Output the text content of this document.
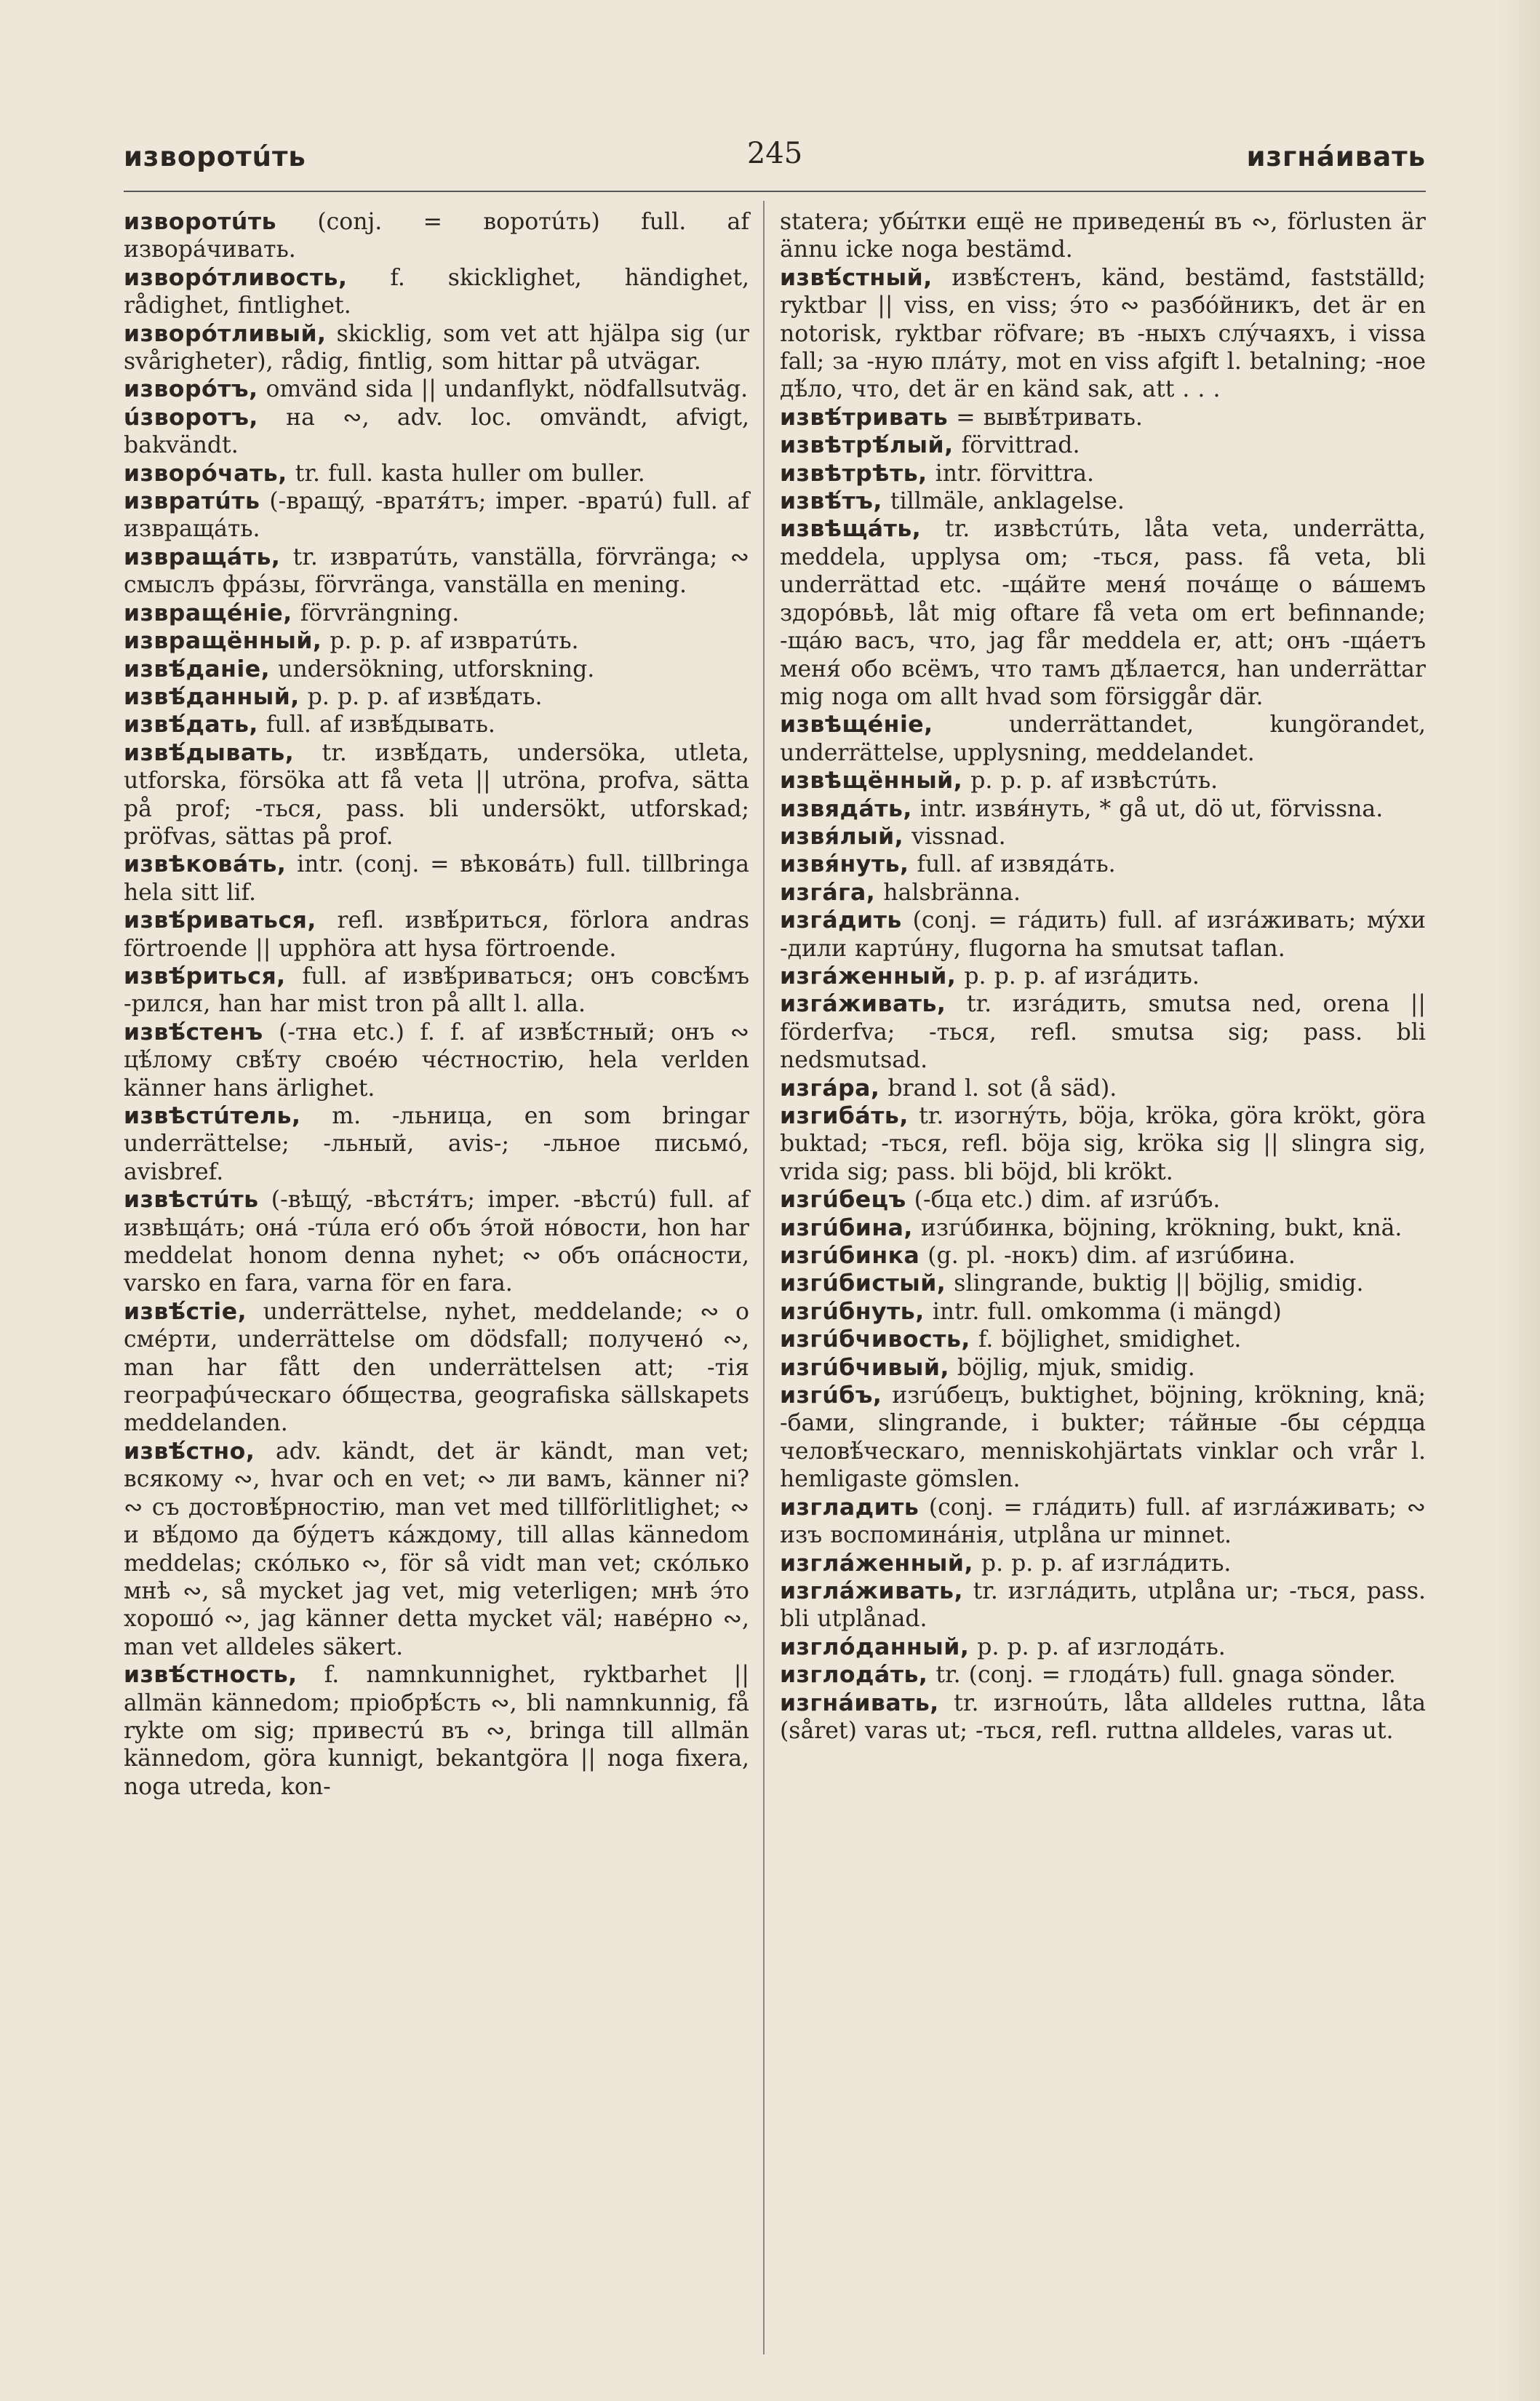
изворотúть	245	изгнáивать

изворотúть (conj. = воротúть) full. af изворáчивать.

изворóтливость, f. skicklighet, händighet, rådighet, fintlighet.

изворóтливый, skicklig, som vet att hjälpa sig (ur svårigheter), rådig, fintlig, som hittar på utvägar.

изворóтъ, omvänd sida || undanflykt, nödfallsutväg.

úзворотъ, на ∾, adv. loc. omvändt, afvigt, bakvändt.

изворóчать, tr. full. kasta huller om buller.

извратúть (-вращý, -вратя́тъ; imper. -вратú) full. af извращáть.

извращáть, tr. извратúть, vanställa, förvränga; ∾ смыслъ фрáзы, förvränga, vanställa en mening.

извращéніе, förvrängning.

извращённый, p. p. p. af извратúть.

извѣ́даніе, undersökning, utforskning.

извѣ́данный, p. p. p. af извѣ́дать.

извѣ́дать, full. af извѣ́дывать.

извѣ́дывать, tr. извѣ́дать, undersöka, utleta, utforska, försöka att få veta || utröna, profva, sätta på prof; -ться, pass. bli undersökt, utforskad; pröfvas, sättas på prof.

извѣковáть, intr. (conj. = вѣковáть) full. tillbringa hela sitt lif.

извѣ́риваться, refl. извѣ́риться, förlora andras förtroende || upphöra att hysa förtroende.

извѣ́риться, full. af извѣ́риваться; онъ совсѣ́мъ -рился, han har mist tron på allt l. alla.

извѣ́стенъ (-тна etc.) f. f. af извѣ́стный; онъ ∾ цѣ́лому свѣ́ту своéю чéстностію, hela verlden känner hans ärlighet.

извѣстúтель, m. -льница, en som bringar underrättelse; -льный, avis-; -льное письмó, avisbref.

извѣстúть (-вѣщý, -вѣстя́тъ; imper. -вѣстú) full. af извѣщáть; онá -тúла егó объ э́той нóвости, hon har meddelat honom denna nyhet; ∾ объ опáсности, varsko en fara, varna för en fara.

извѣ́стіе, underrättelse, nyhet, meddelande; ∾ о смéрти, underrättelse om dödsfall; полученó ∾, man har fått den underrättelsen att; -тія географúческаго óбщества, geografiska sällskapets meddelanden.

извѣ́стно, adv. kändt, det är kändt, man vet; всякому ∾, hvar och en vet; ∾ ли вамъ, känner ni? ∾ съ достовѣ́рностію, man vet med tillförlitlighet; ∾ и вѣ́домо да бýдетъ кáждому, till allas kännedom meddelas; скóлько ∾, för så vidt man vet; скóлько мнѣ ∾, så mycket jag vet, mig veterligen; мнѣ э́то хорошó ∾, jag känner detta mycket väl; навéрно ∾, man vet alldeles säkert.

извѣ́стность, f. namnkunnighet, ryktbarhet || allmän kännedom; пріобрѣ́сть ∾, bli namnkunnig, få rykte om sig; привестú въ ∾, bringa till allmän kännedom, göra kunnigt, bekantgöra || noga fixera, noga utreda, kon-

statera; убы́тки ещё не приведены́ въ ∾, förlusten är ännu icke noga bestämd.

извѣ́стный, извѣ́стенъ, känd, bestämd, fastställd; ryktbar || viss, en viss; э́то ∾ разбóйникъ, det är en notorisk, ryktbar röfvare; въ -ныхъ слýчаяхъ, i vissa fall; за -ную плáту, mot en viss afgift l. betalning; -ное дѣ́ло, что, det är en känd sak, att . . .

извѣ́тривать = вывѣ́тривать.

извѣтрѣ́лый, förvittrad.

извѣтрѣть, intr. förvittra.

извѣ́тъ, tillmäle, anklagelse.

извѣщáть, tr. извѣстúть, låta veta, underrätta, meddela, upplysa om; -ться, pass. få veta, bli underrättad etc. -щáйте меня́ почáще о вáшемъ здорóвьѣ, låt mig oftare få veta om ert befinnande; -щáю васъ, что, jag får meddela er, att; онъ -щáетъ меня́ обо всёмъ, что тамъ дѣ́лается, han underrättar mig noga om allt hvad som försiggår där.

извѣщéніе, underrättandet, kungörandet, underrättelse, upplysning, meddelandet.

извѣщённый, p. p. p. af извѣстúть.

извядáть, intr. извя́нуть, * gå ut, dö ut, förvissna.

извя́лый, vissnad.

извя́нуть, full. af извядáть.

изгáга, halsbränna.

изгáдить (conj. = гáдить) full. af изгáживать; мýхи -дили картúну, flugorna ha smutsat taflan.

изгáженный, p. p. p. af изгáдить.

изгáживать, tr. изгáдить, smutsa ned, orena || förderfva; -ться, refl. smutsa sig; pass. bli nedsmutsad.

изгáра, brand l. sot (å säd).

изгибáть, tr. изогнýть, böja, kröka, göra krökt, göra buktad; -ться, refl. böja sig, kröka sig || slingra sig, vrida sig; pass. bli böjd, bli krökt.

изгúбецъ (-бца etc.) dim. af изгúбъ.

изгúбина, изгúбинка, böjning, krökning, bukt, knä.

изгúбинка (g. pl. -нокъ) dim. af изгúбина.

изгúбистый, slingrande, buktig || böjlig, smidig.

изгúбнуть, intr. full. omkomma (i mängd)

изгúбчивость, f. böjlighet, smidighet.

изгúбчивый, böjlig, mjuk, smidig.

изгúбъ, изгúбецъ, buktighet, böjning, krökning, knä; -бами, slingrande, i bukter; тáйные -бы сéрдца человѣ́ческаго, menniskohjärtats vinklar och vrår l. hemligaste gömslen.

изгладить (conj. = глáдить) full. af изглáживать; ∾ изъ воспоминáнія, utplåna ur minnet.

изглáженный, p. p. p. af изглáдить.

изглáживать, tr. изглáдить, utplåna ur; -ться, pass. bli utplånad.

изглóданный, p. p. p. af изглодáть.

изглодáть, tr. (conj. = глодáть) full. gnaga sönder.

изгнáивать, tr. изгноúть, låta alldeles ruttna, låta (såret) varas ut; -ться, refl. ruttna alldeles, varas ut.
